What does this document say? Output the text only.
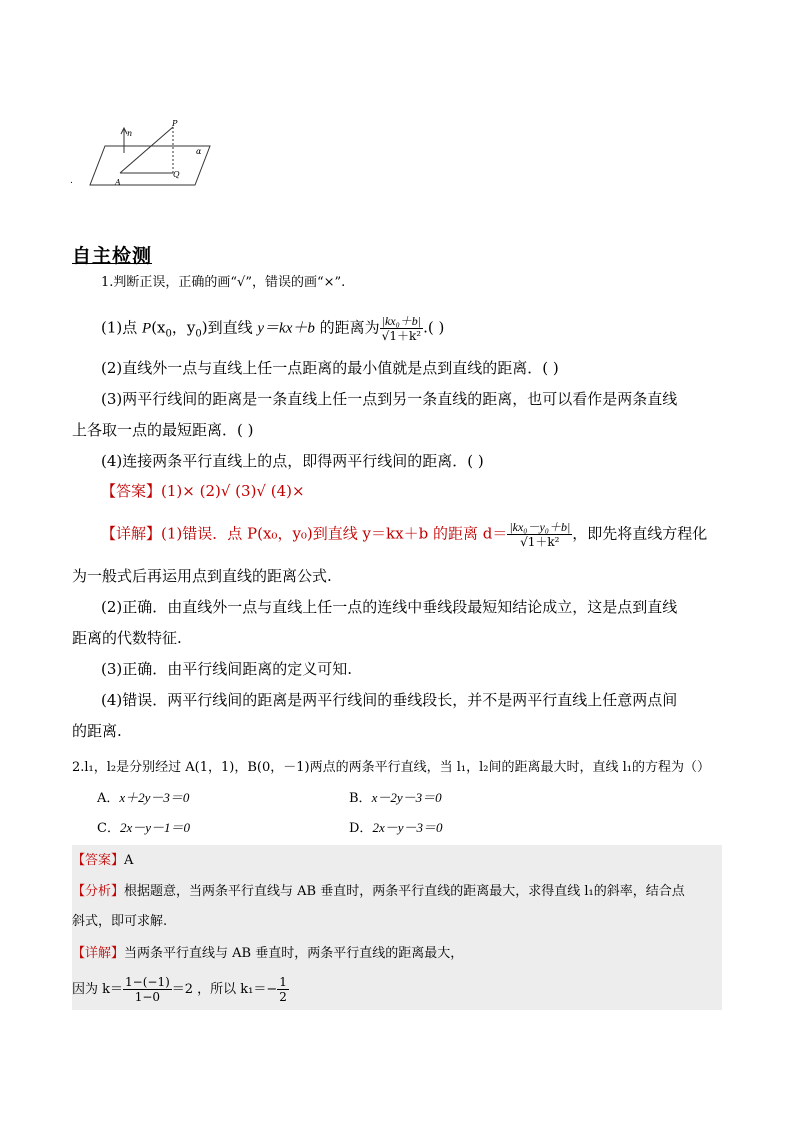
n
P
α
A
Q
.
自主检测
1.判断正误，正确的画“√”，错误的画“×”.
(1)点 $P(x_0$，$y_0$)到直线 y＝kx＋b 的距离为 $\frac{\text{|kx₀＋b|}}{\text{√1＋k²}}$ .( )
(2)直线外一点与直线上任一点距离的最小值就是点到直线的距离．( )
(3)两平行线间的距离是一条直线上任一点到另一条直线的距离，也可以看作是两条直线
上各取一点的最短距离．( )
(4)连接两条平行直线上的点，即得两平行线间的距离．( )
【答案】(1)× (2)√ (3)√ (4)×
【详解】(1)错误．点 P(x₀，y₀)到直线 y＝kx＋b 的距离 $d= \frac{\text{|kx₀－y₀＋b|}}{\text{√1＋k²}}$ ，即先将直线方程化
为一般式后再运用点到直线的距离公式.
(2)正确．由直线外一点与直线上任一点的连线中垂线段最短知结论成立，这是点到直线
距离的代数特征.
(3)正确．由平行线间距离的定义可知.
(4)错误．两平行线间的距离是两平行线间的垂线段长，并不是两平行直线上任意两点间
的距离.
2.l₁，l₂是分别经过 A(1，1)，B(0，－1)两点的两条平行直线，当 l₁，l₂间的距离最大时，直线 l₁的方程为（）
A．x＋2y－3＝0	B．x－2y－3＝0
C．2x－y－1＝0	D．2x－y－3＝0
【答案】A
【分析】根据题意，当两条平行直线与 AB 垂直时，两条平行直线的距离最大，求得直线 l₁的斜率，结合点
斜式，即可求解.
【详解】当两条平行直线与 AB 垂直时，两条平行直线的距离最大，
因为 $k= \frac{1-(-1)}{1-0} =2$ ，所以 $k_1=- \frac{1}{2}$
